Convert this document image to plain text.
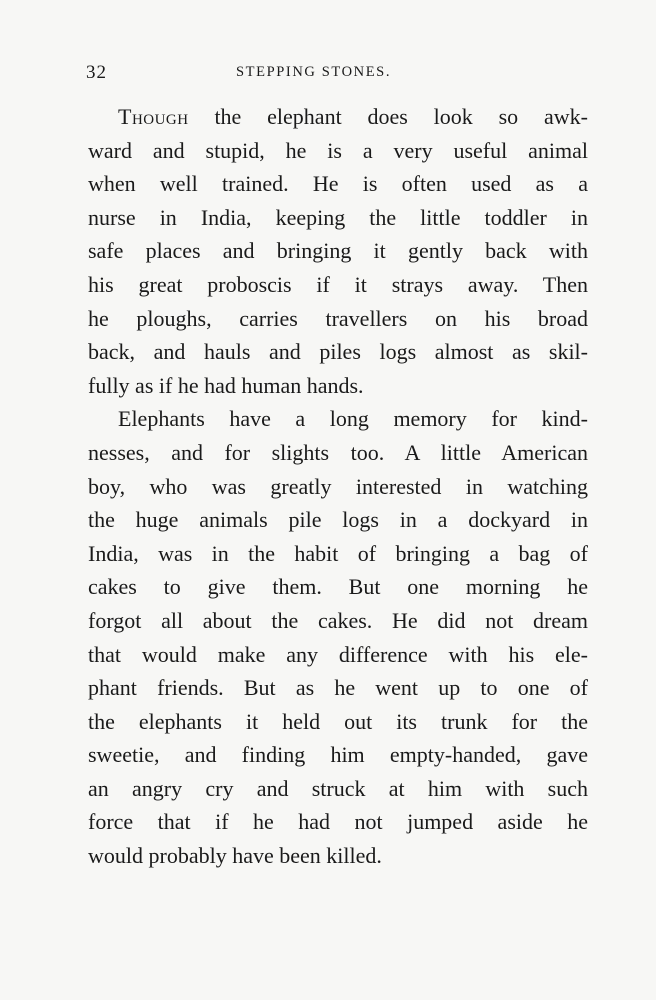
32	STEPPING STONES.
Though the elephant does look so awk-
ward and stupid, he is a very useful animal
when well trained. He is often used as a
nurse in India, keeping the little toddler in
safe places and bringing it gently back with
his great proboscis if it strays away. Then
he ploughs, carries travellers on his broad
back, and hauls and piles logs almost as skil-
fully as if he had human hands.
Elephants have a long memory for kind-
nesses, and for slights too. A little American
boy, who was greatly interested in watching
the huge animals pile logs in a dockyard in
India, was in the habit of bringing a bag of
cakes to give them. But one morning he
forgot all about the cakes. He did not dream
that would make any difference with his ele-
phant friends. But as he went up to one of
the elephants it held out its trunk for the
sweetie, and finding him empty-handed, gave
an angry cry and struck at him with such
force that if he had not jumped aside he
would probably have been killed.
